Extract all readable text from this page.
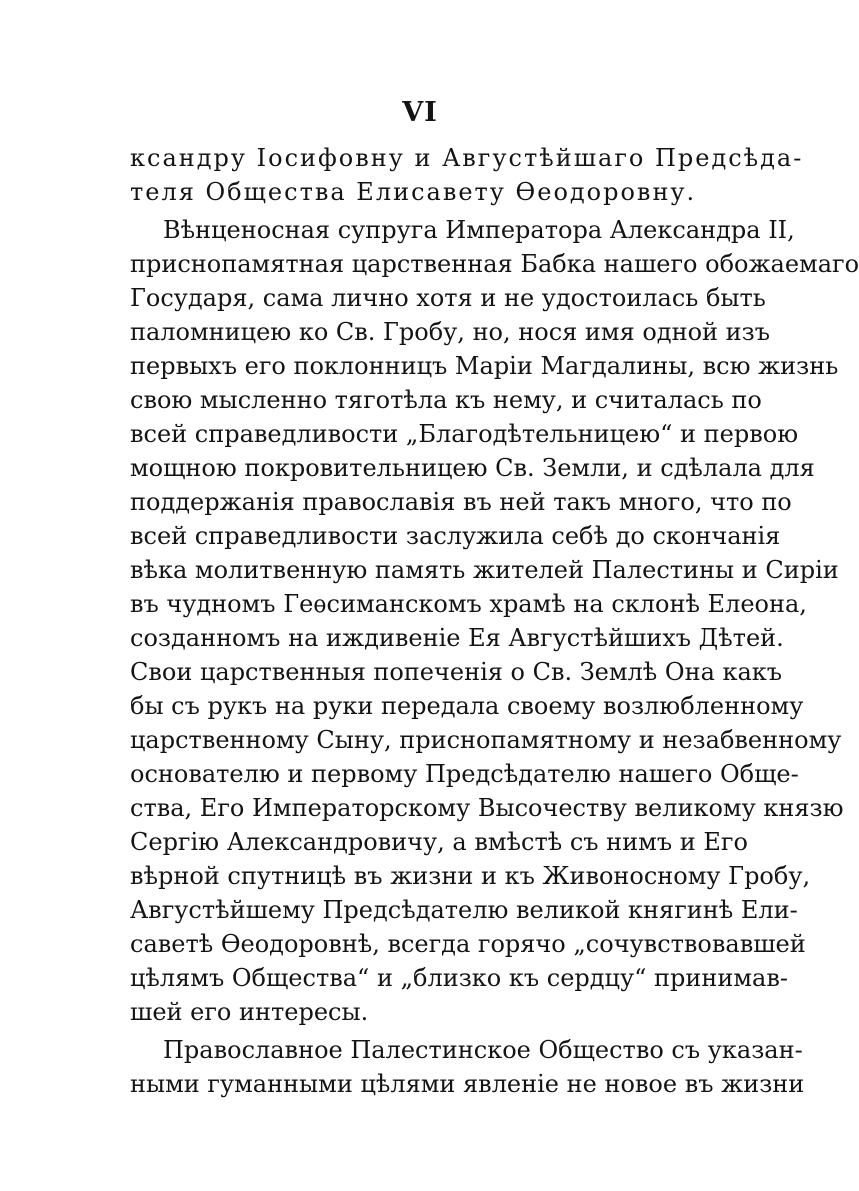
VI
ксандру Іосифовну и Августѣйшаго Предсѣда-
теля Общества Елисавету Ѳеодоровну.
Вѣнценосная супруга Императора Александра II,
приснопамятная царственная Бабка нашего обожаемаго
Государя, сама лично хотя и не удостоилась быть
паломницею ко Св. Гробу, но, нося имя одной изъ
первыхъ его поклонницъ Маріи Магдалины, всю жизнь
свою мысленно тяготѣла къ нему, и считалась по
всей справедливости „Благодѣтельницею“ и первою
мощною покровительницею Св. Земли, и сдѣлала для
поддержанія православія въ ней такъ много, что по
всей справедливости заслужила себѣ до скончанія
вѣка молитвенную память жителей Палестины и Сиріи
въ чудномъ Геѳсиманскомъ храмѣ на склонѣ Елеона,
созданномъ на иждивеніе Ея Августѣйшихъ Дѣтей.
Свои царственныя попеченія о Св. Землѣ Она какъ
бы съ рукъ на руки передала своему возлюбленному
царственному Сыну, приснопамятному и незабвенному
основателю и первому Предсѣдателю нашего Обще-
ства, Его Императорскому Высочеству великому князю
Сергію Александровичу, а вмѣстѣ съ нимъ и Его
вѣрной спутницѣ въ жизни и къ Живоносному Гробу,
Августѣйшему Предсѣдателю великой княгинѣ Ели-
саветѣ Ѳеодоровнѣ, всегда горячо „сочувствовавшей
цѣлямъ Общества“ и „близко къ сердцу“ принимав-
шей его интересы.
Православное Палестинское Общество съ указан-
ными гуманными цѣлями явленіе не новое въ жизни
